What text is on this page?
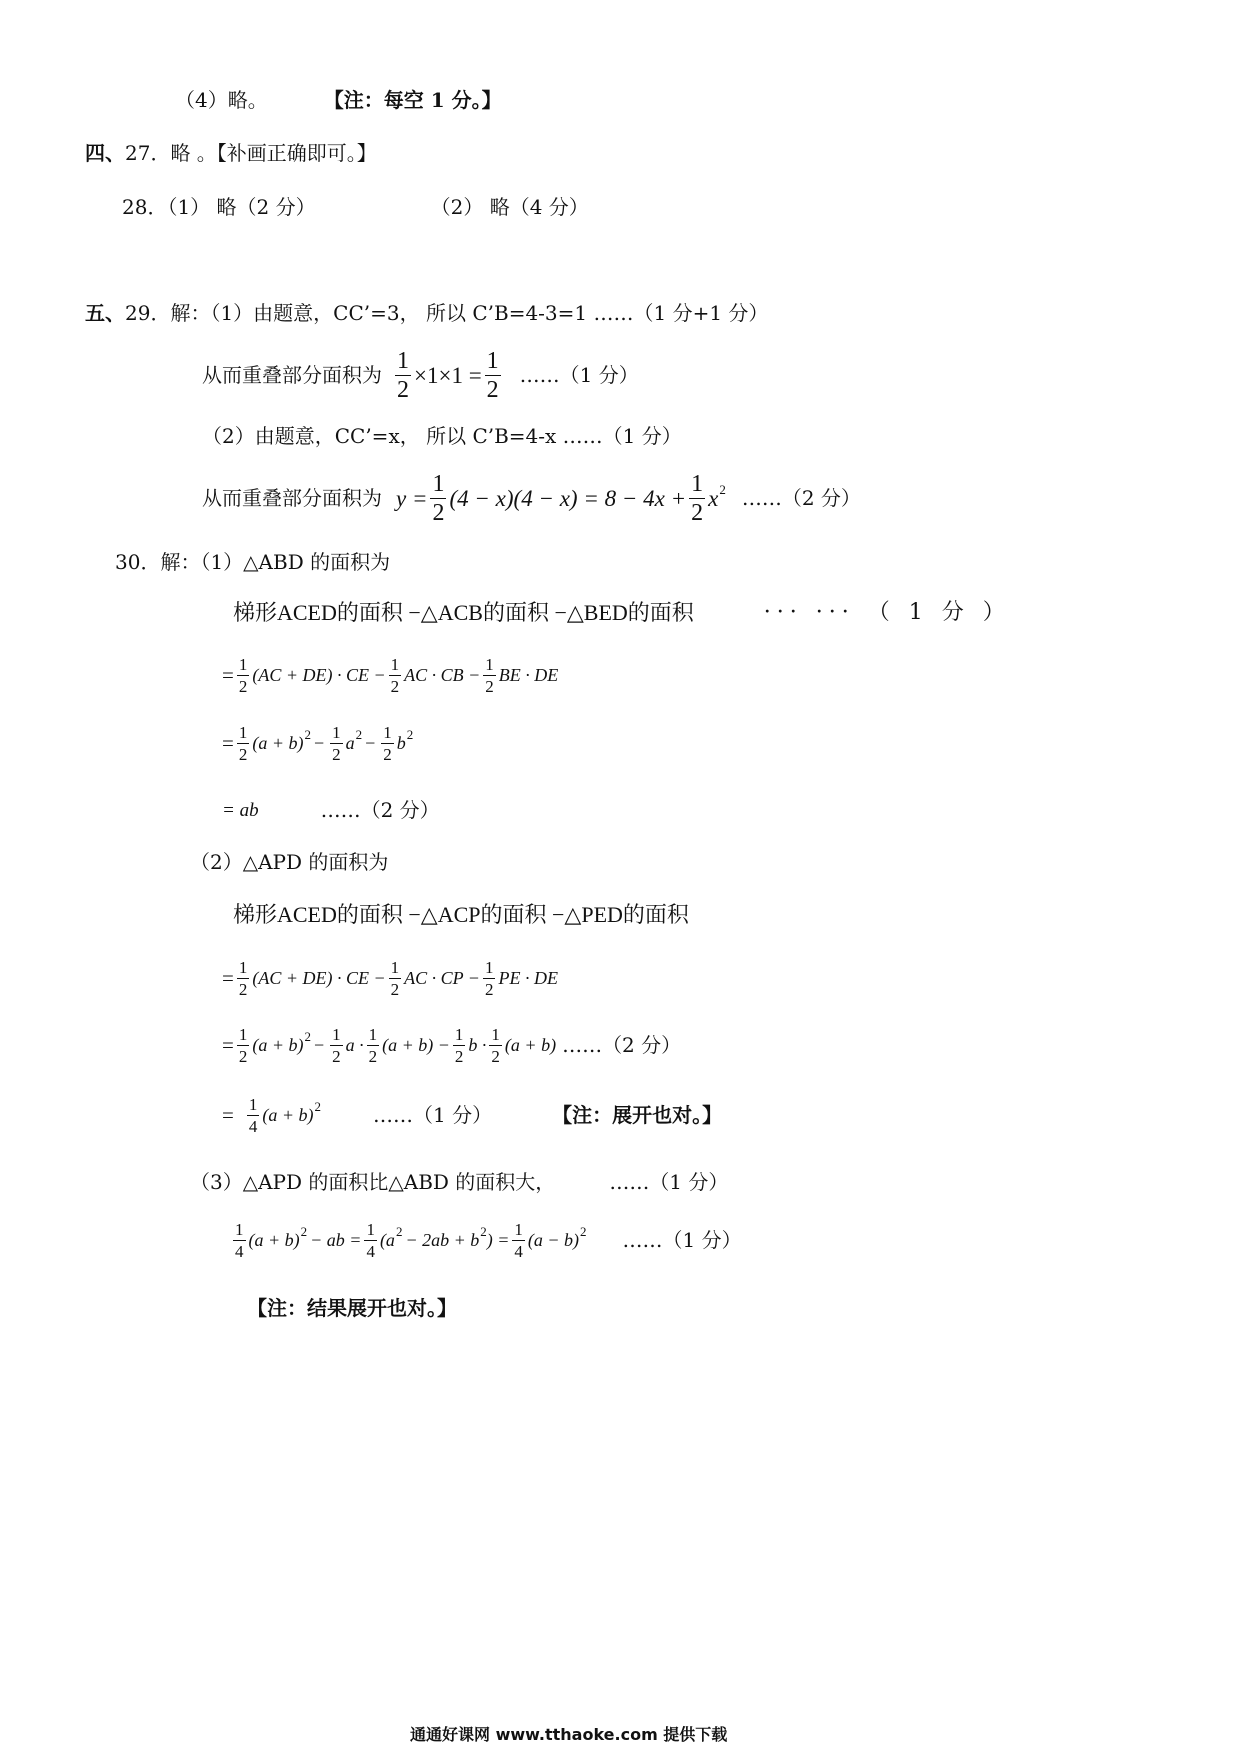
（4）略。	【注：每空 1 分。】
四、 27．略 。【补画正确即可。】
28．（1） 略（2 分）	（2） 略（4 分）
五、 29．解：（1）由题意，CC’=3， 所以 C’B=4-3=1 ……（1 分+1 分）
从而重叠部分面积为 $\frac{1}{2} \times 1\times 1 = \frac{1}{2}$ ……（1 分）
（2）由题意，CC’=x， 所以 C’B=4-x ……（1 分）
从而重叠部分面积为 $y = \frac{1}{2} (4 - x)(4 - x) = 8 - 4x + \frac{1}{2}$ x 2 ……（2 分）
30．解：（1）△ABD 的面积为
梯形ACED的面积 −△ACB的面积 −△BED的面积	··· ··· （ 1 分 ）
= $\frac{1}{2} (AC + DE)$ · CE − $\frac{1}{2}$ AC · CB − $\frac{1}{2}$ BE · DE
= $\frac{1}{2} (a + b) 2 - \frac{1}{2}$ a $2 - \frac{1}{2}$ b 2
= ab	……（2 分）
（2）△APD 的面积为
梯形ACED的面积 −△ACP的面积 −△PED的面积
= $\frac{1}{2} (AC + DE)$ · CE − $\frac{1}{2}$ AC · CP − $\frac{1}{2}$ PE · DE
= $\frac{1}{2} (a + b) 2 - \frac{1}{2}$ $a \cdot \frac{1}{2} (a + b) - \frac{1}{2}$ $b \cdot \frac{1}{2} (a + b)$ ……（2 分）
= $\frac{1}{4} (a + b)$ 2	……（1 分）	【注：展开也对。】
（3）△APD 的面积比△ABD 的面积大，	……（1 分）
$\frac{1}{4} (a + b) 2$ − ab = $\frac{1}{4} (a$ 2 − 2ab + b 2 ) = $\frac{1}{4} (a - b)$ 2 ……（1 分）
【注：结果展开也对。】
通通好课网 www.tthaoke.com 提供下载
